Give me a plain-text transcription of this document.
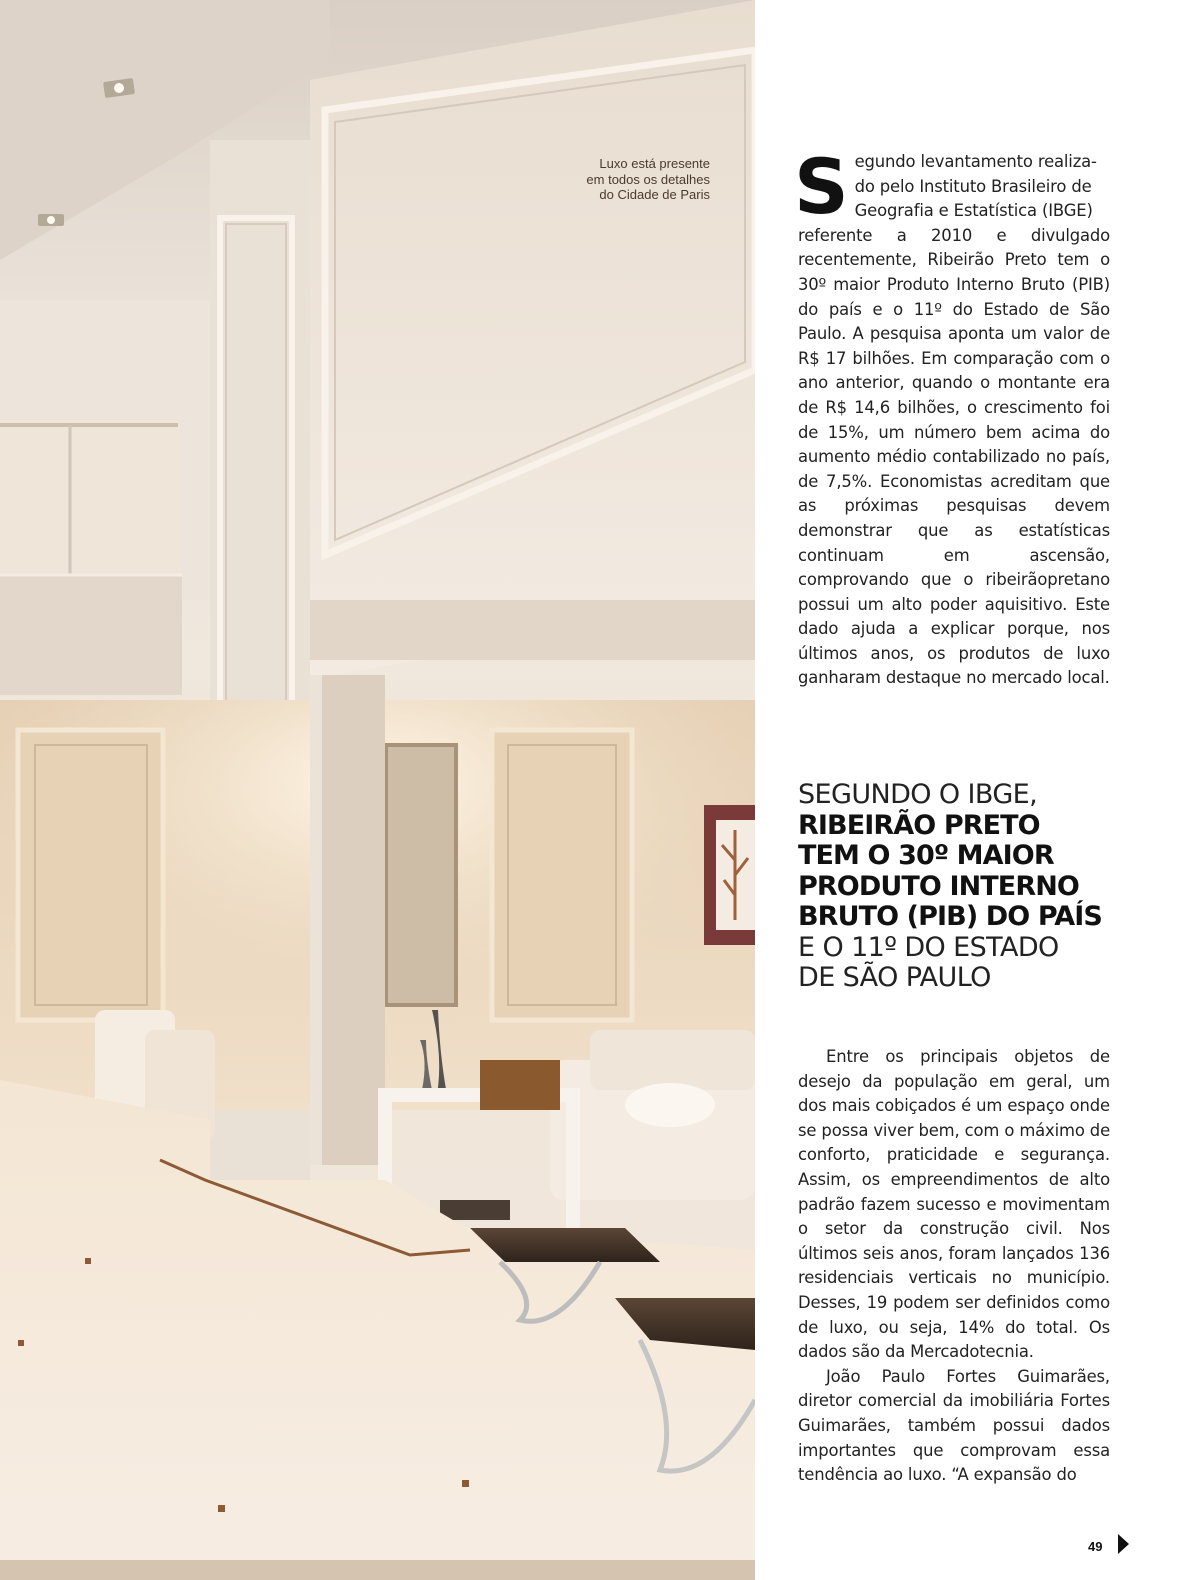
Luxo está presente
em todos os detalhes
do Cidade de Paris S egundo levantamento realiza-
do pelo Instituto Brasileiro de
Geografia e Estatística (IBGE)
referente a 2010 e divulgado recentemente, Ribeirão Preto tem o 30º maior Produto Interno Bruto (PIB) do país e o 11º do Estado de São Paulo. A pesquisa aponta um valor de R$ 17 bilhões. Em comparação com o ano anterior, quando o montante era de R$ 14,6 bilhões, o crescimento foi de 15%, um número bem acima do aumento médio contabilizado no país, de 7,5%. Economistas acreditam que as próximas pesquisas devem demonstrar que as estatísticas continuam em ascensão, comprovando que o ribeirãopretano possui um alto poder aquisitivo. Este dado ajuda a explicar porque, nos últimos anos, os produtos de luxo ganharam destaque no mercado local.
SEGUNDO O IBGE,
RIBEIRÃO PRETO
TEM O 30º MAIOR
PRODUTO INTERNO
BRUTO (PIB) DO PAÍS
E O 11º DO ESTADO
DE SÃO PAULO

Entre os principais objetos de desejo da população em geral, um dos mais cobiçados é um espaço onde se possa viver bem, com o máximo de conforto, praticidade e segurança. Assim, os empreendimentos de alto padrão fazem sucesso e movimentam o setor da construção civil. Nos últimos seis anos, foram lançados 136 residenciais verticais no município. Desses, 19 podem ser definidos como de luxo, ou seja, 14% do total. Os dados são da Mercadotecnia.

João Paulo Fortes Guimarães, diretor comercial da imobiliária Fortes Guimarães, também possui dados importantes que comprovam essa tendência ao luxo. “A expansão do

49
